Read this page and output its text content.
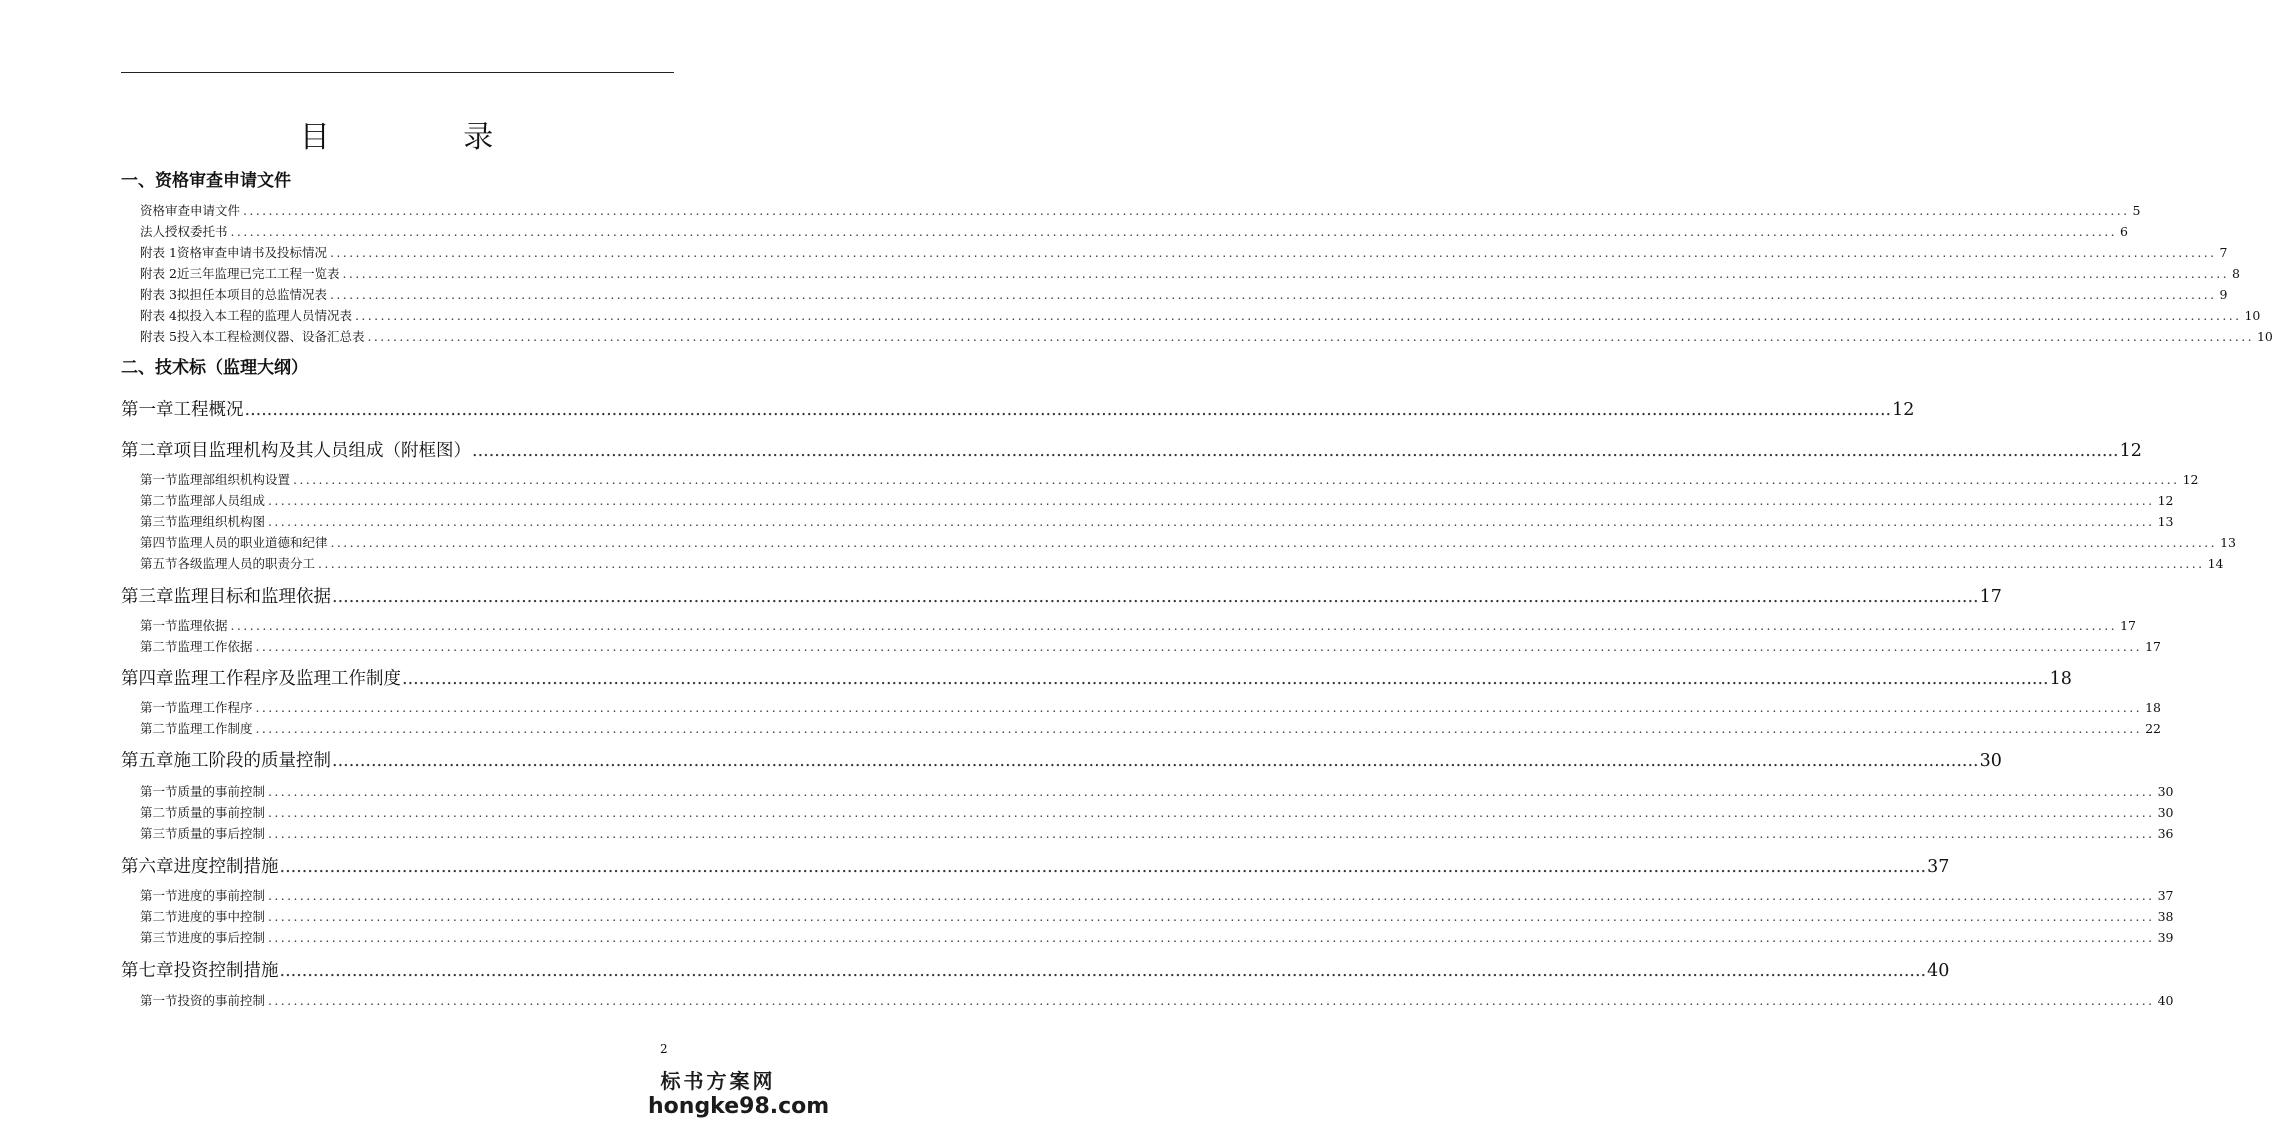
目 录
一、资格审查申请文件
资格审查申请文件 .....	5
法人授权委托书 .....	6
附表 1 资格审查申请书及投标情况 .....	7
附表 2 近三年监理已完工工程一览表 .....	8
附表 3 拟担任本项目的总监情况表 .....	9
附表 4 拟投入本工程的监理人员情况表 .....	10
附表 5 投入本工程检测仪器、设备汇总表 .....	10
二、技术标（监理大纲）
第一章 工程概况 .....	12
第二章 项目监理机构及其人员组成（附框图） .....	12
第一节 监理部组织机构设置 .....	12
第二节 监理部人员组成 .....	12
第三节 监理组织机构图 .....	13
第四节 监理人员的职业道德和纪律 .....	13
第五节 各级监理人员的职责分工 .....	14
第三章 监理目标和监理依据 .....	17
第一节 监理依据 .....	17
第二节 监理工作依据 .....	17
第四章 监理工作程序及监理工作制度 .....	18
第一节 监理工作程序 .....	18
第二节 监理工作制度 .....	22
第五章 施工阶段的质量控制 .....	30
第一节 质量的事前控制 .....	30
第二节 质量的事前控制 .....	30
第三节 质量的事后控制 .....	36
第六章 进度控制措施 .....	37
第一节 进度的事前控制 .....	37
第二节 进度的事中控制 .....	38
第三节 进度的事后控制 .....	39
第七章 投资控制措施 .....	40
第一节 投资的事前控制 .....	40
2
标书方案网
hongke98.com
